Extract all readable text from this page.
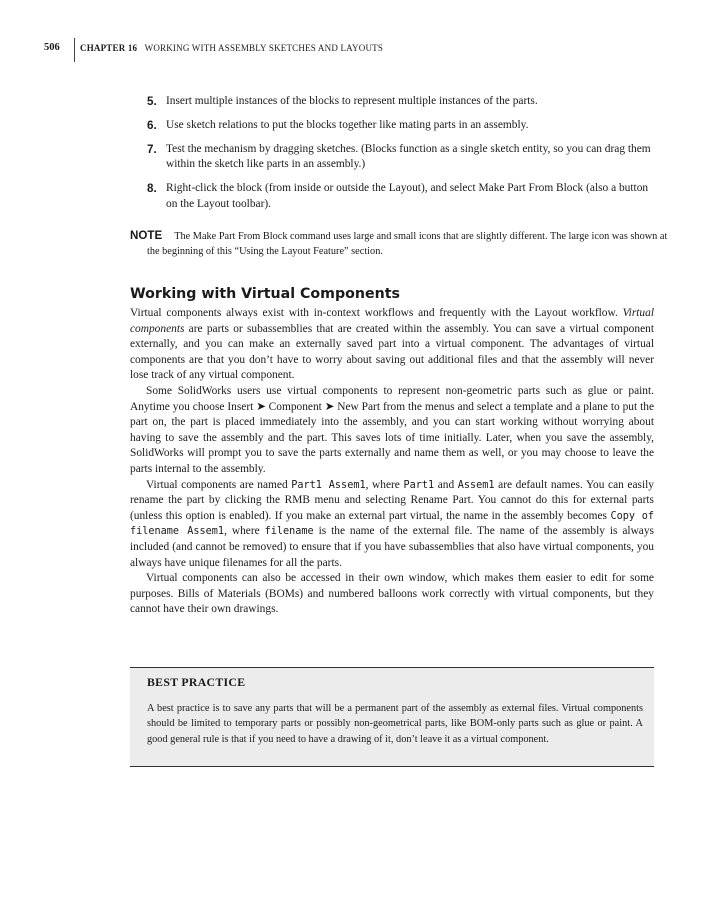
506 CHAPTER 16 WORKING WITH ASSEMBLY SKETCHES AND LAYOUTS
5. Insert multiple instances of the blocks to represent multiple instances of the parts.
6. Use sketch relations to put the blocks together like mating parts in an assembly.
7. Test the mechanism by dragging sketches. (Blocks function as a single sketch entity, so you can drag them within the sketch like parts in an assembly.)
8. Right-click the block (from inside or outside the Layout), and select Make Part From Block (also a button on the Layout toolbar).
NOTE The Make Part From Block command uses large and small icons that are slightly different. The large icon was shown at the beginning of this “Using the Layout Feature” section.
Working with Virtual Components

Virtual components always exist with in-context workflows and frequently with the Layout workflow. Virtual components are parts or subassemblies that are created within the assembly. You can save a virtual component externally, and you can make an externally saved part into a virtual component. The advantages of virtual components are that you don’t have to worry about saving out additional files and that the assembly will never lose track of any virtual component.

Some SolidWorks users use virtual components to represent non-geometric parts such as glue or paint. Anytime you choose Insert ➤ Component ➤ New Part from the menus and select a template and a plane to put the part on, the part is placed immediately into the assembly, and you can start working without worrying about having to save the assembly and the part. This saves lots of time initially. Later, when you save the assembly, SolidWorks will prompt you to save the parts externally and name them as well, or you may choose to leave the parts internal to the assembly.

Virtual components are named Part1 Assem1, where Part1 and Assem1 are default names. You can easily rename the part by clicking the RMB menu and selecting Rename Part. You cannot do this for external parts (unless this option is enabled). If you make an external part virtual, the name in the assembly becomes Copy of filename Assem1, where filename is the name of the external file. The name of the assembly is always included (and cannot be removed) to ensure that if you have subassemblies that also have virtual components, you always have unique filenames for all the parts.

Virtual components can also be accessed in their own window, which makes them easier to edit for some purposes. Bills of Materials (BOMs) and numbered balloons work correctly with virtual components, but they cannot have their own drawings.

BEST PRACTICE
A best practice is to save any parts that will be a permanent part of the assembly as external files. Virtual components should be limited to temporary parts or possibly non-geometrical parts, like BOM-only parts such as glue or paint. A good general rule is that if you need to have a drawing of it, don’t leave it as a virtual component.
